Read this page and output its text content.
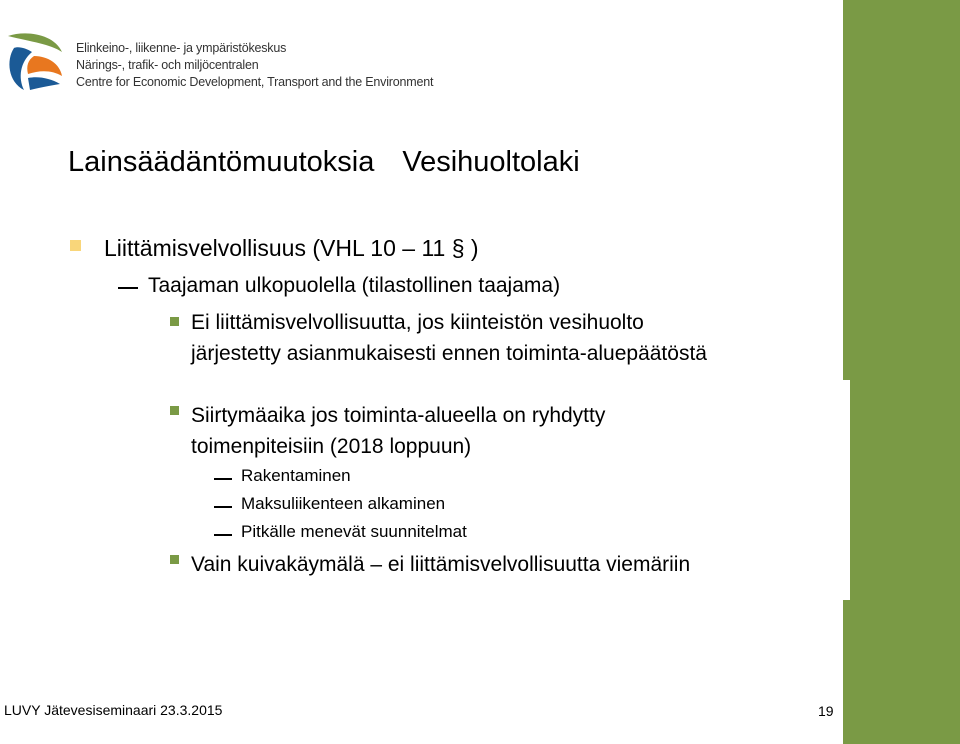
Elinkeino-, liikenne- ja ympäristökeskus
Närings-, trafik- och miljöcentralen
Centre for Economic Development, Transport and the Environment
Lainsäädäntömuutoksia Vesihuoltolaki
Liittämisvelvollisuus (VHL 10 – 11 § )
Taajaman ulkopuolella (tilastollinen taajama)
Ei liittämisvelvollisuutta, jos kiinteistön vesihuolto järjestetty asianmukaisesti ennen toiminta-aluepäätöstä
Siirtymäaika jos toiminta-alueella on ryhdytty toimenpiteisiin (2018 loppuun)
Rakentaminen
Maksuliikenteen alkaminen
Pitkälle menevät suunnitelmat
Vain kuivakäymälä – ei liittämisvelvollisuutta viemäriin
LUVY Jätevesiseminaari 23.3.2015	19
